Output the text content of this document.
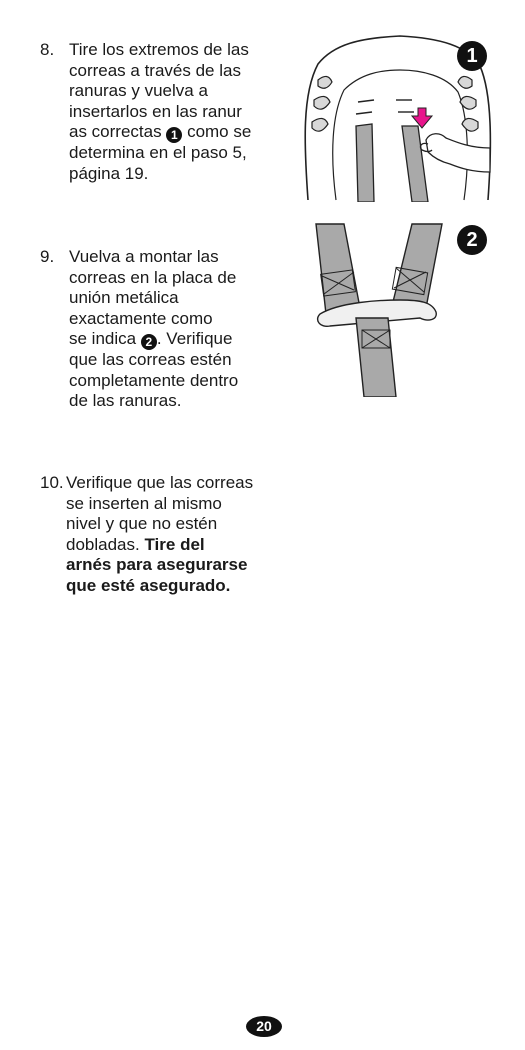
8. Tire los extremos de las
correas a través de las
ranuras y vuelva a
insertarlos en las ranur
as correctas 1 como se
determina en el paso 5,
página 19.
9. Vuelva a montar las
correas en la placa de
unión metálica
exactamente como
se indica 2 . Verifique
que las correas estén
completamente dentro
de las ranuras.
10. Verifique que las correas
se inserten al mismo
nivel y que no estén
dobladas. Tire del
arnés para asegurarse
que esté asegurado.
1
2
20
